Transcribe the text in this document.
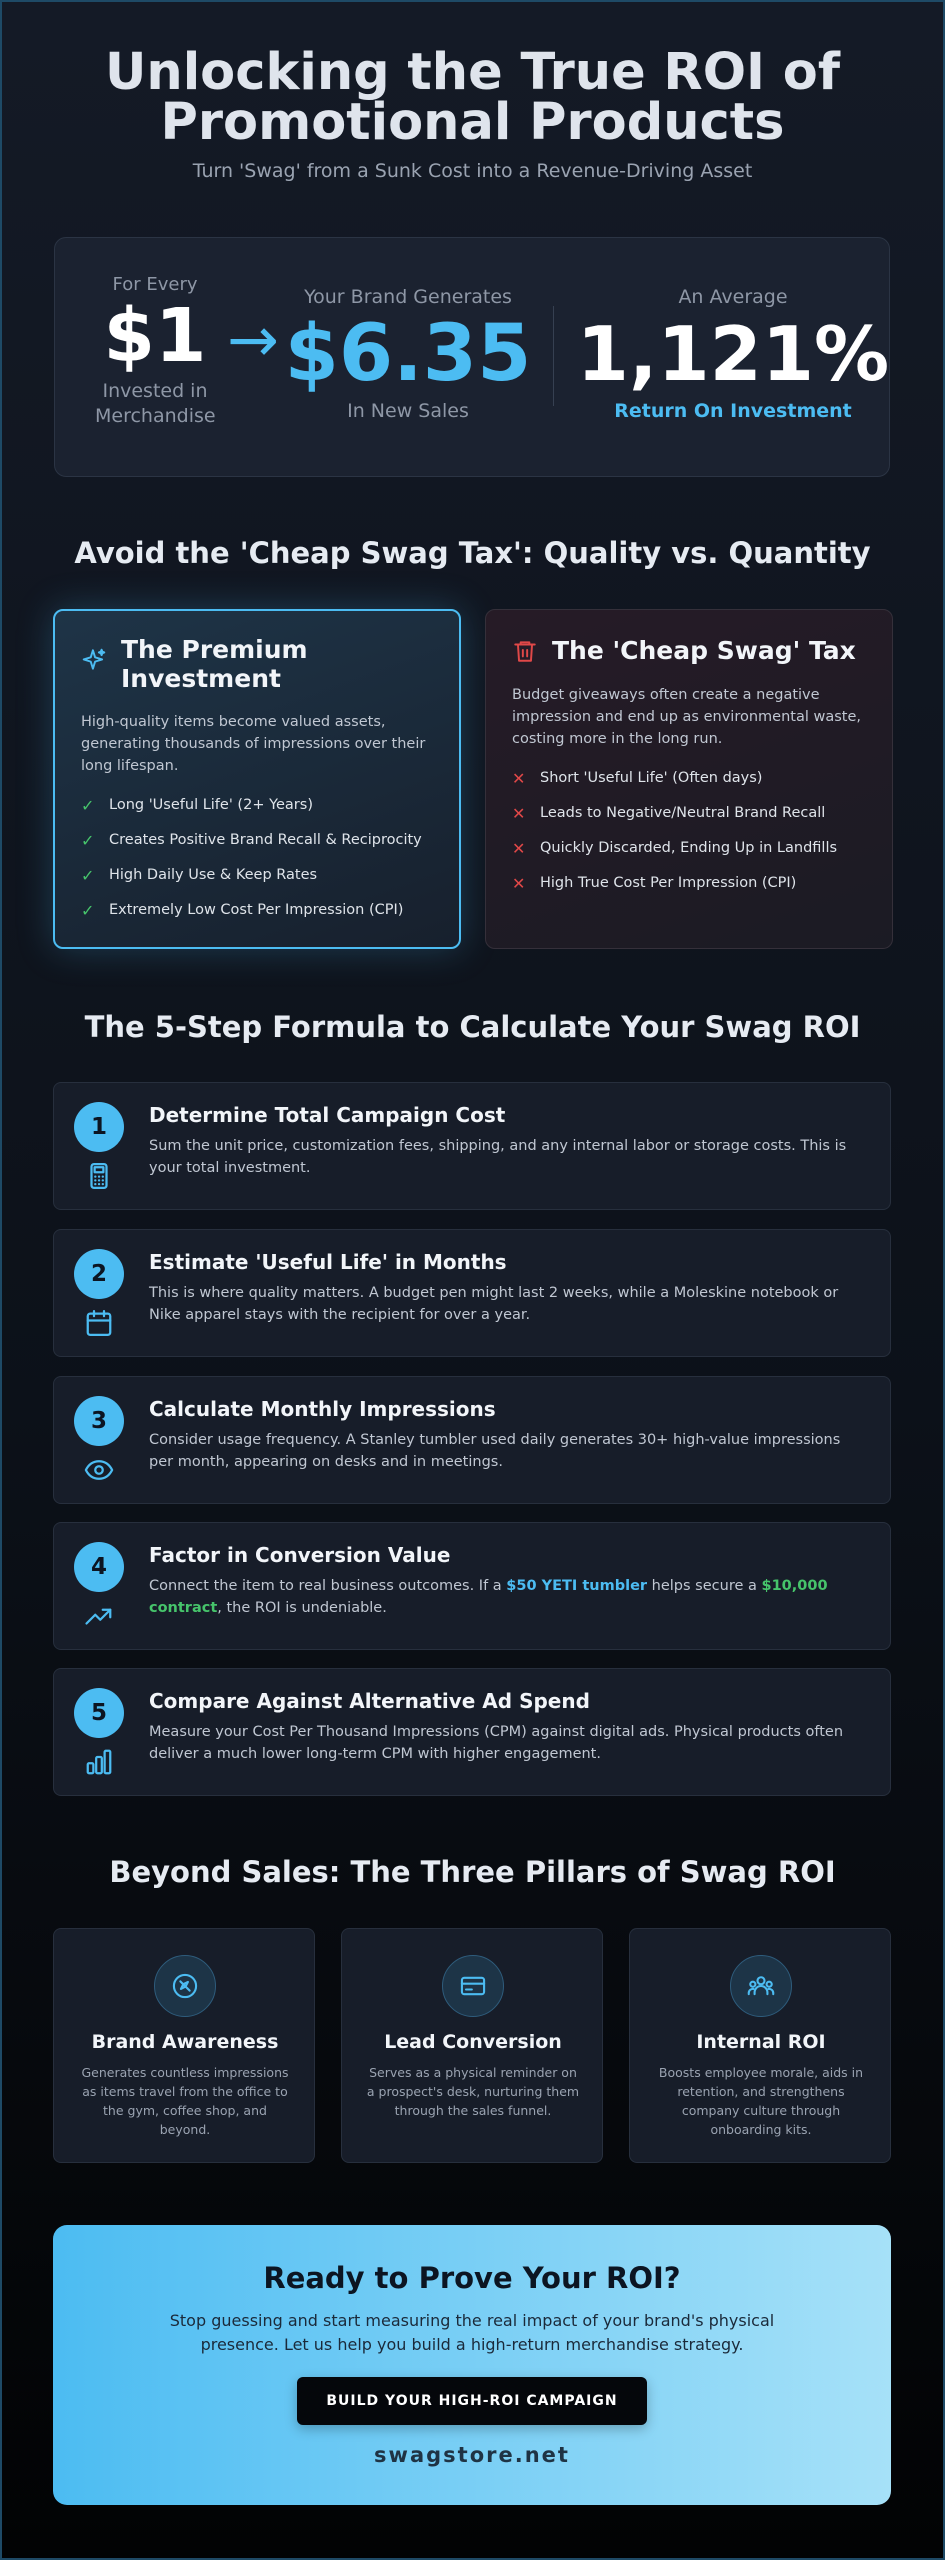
Unlocking the True ROI of
Promotional Products
Turn 'Swag' from a Sunk Cost into a Revenue-Driving Asset
For Every
$1
Invested in
Merchandise
→
Your Brand Generates
$6.35
In New Sales
An Average
1,121%
Return On Investment
Avoid the 'Cheap Swag Tax': Quality vs. Quantity
The Premium Investment
High-quality items become valued assets, generating thousands of impressions over their long lifespan.
✓	Long 'Useful Life' (2+ Years)
✓	Creates Positive Brand Recall & Reciprocity
✓	High Daily Use & Keep Rates
✓	Extremely Low Cost Per Impression (CPI)
The 'Cheap Swag' Tax
Budget giveaways often create a negative impression and end up as environmental waste, costing more in the long run.
✕	Short 'Useful Life' (Often days)
✕	Leads to Negative/Neutral Brand Recall
✕	Quickly Discarded, Ending Up in Landfills
✕	High True Cost Per Impression (CPI)
The 5-Step Formula to Calculate Your Swag ROI
1	Determine Total Campaign Cost
Sum the unit price, customization fees, shipping, and any internal labor or storage costs. This is your total investment.
2	Estimate 'Useful Life' in Months
This is where quality matters. A budget pen might last 2 weeks, while a Moleskine notebook or Nike apparel stays with the recipient for over a year.
3	Calculate Monthly Impressions
Consider usage frequency. A Stanley tumbler used daily generates 30+ high-value impressions per month, appearing on desks and in meetings.
4	Factor in Conversion Value
Connect the item to real business outcomes. If a $50 YETI tumbler helps secure a $10,000 contract, the ROI is undeniable.
5	Compare Against Alternative Ad Spend
Measure your Cost Per Thousand Impressions (CPM) against digital ads. Physical products often deliver a much lower long-term CPM with higher engagement.
Beyond Sales: The Three Pillars of Swag ROI
Brand Awareness
Generates countless impressions as items travel from the office to the gym, coffee shop, and beyond.
Lead Conversion
Serves as a physical reminder on a prospect's desk, nurturing them through the sales funnel.
Internal ROI
Boosts employee morale, aids in retention, and strengthens company culture through onboarding kits.
Ready to Prove Your ROI?
Stop guessing and start measuring the real impact of your brand's physical presence. Let us help you build a high-return merchandise strategy.
BUILD YOUR HIGH-ROI CAMPAIGN
swagstore.net
